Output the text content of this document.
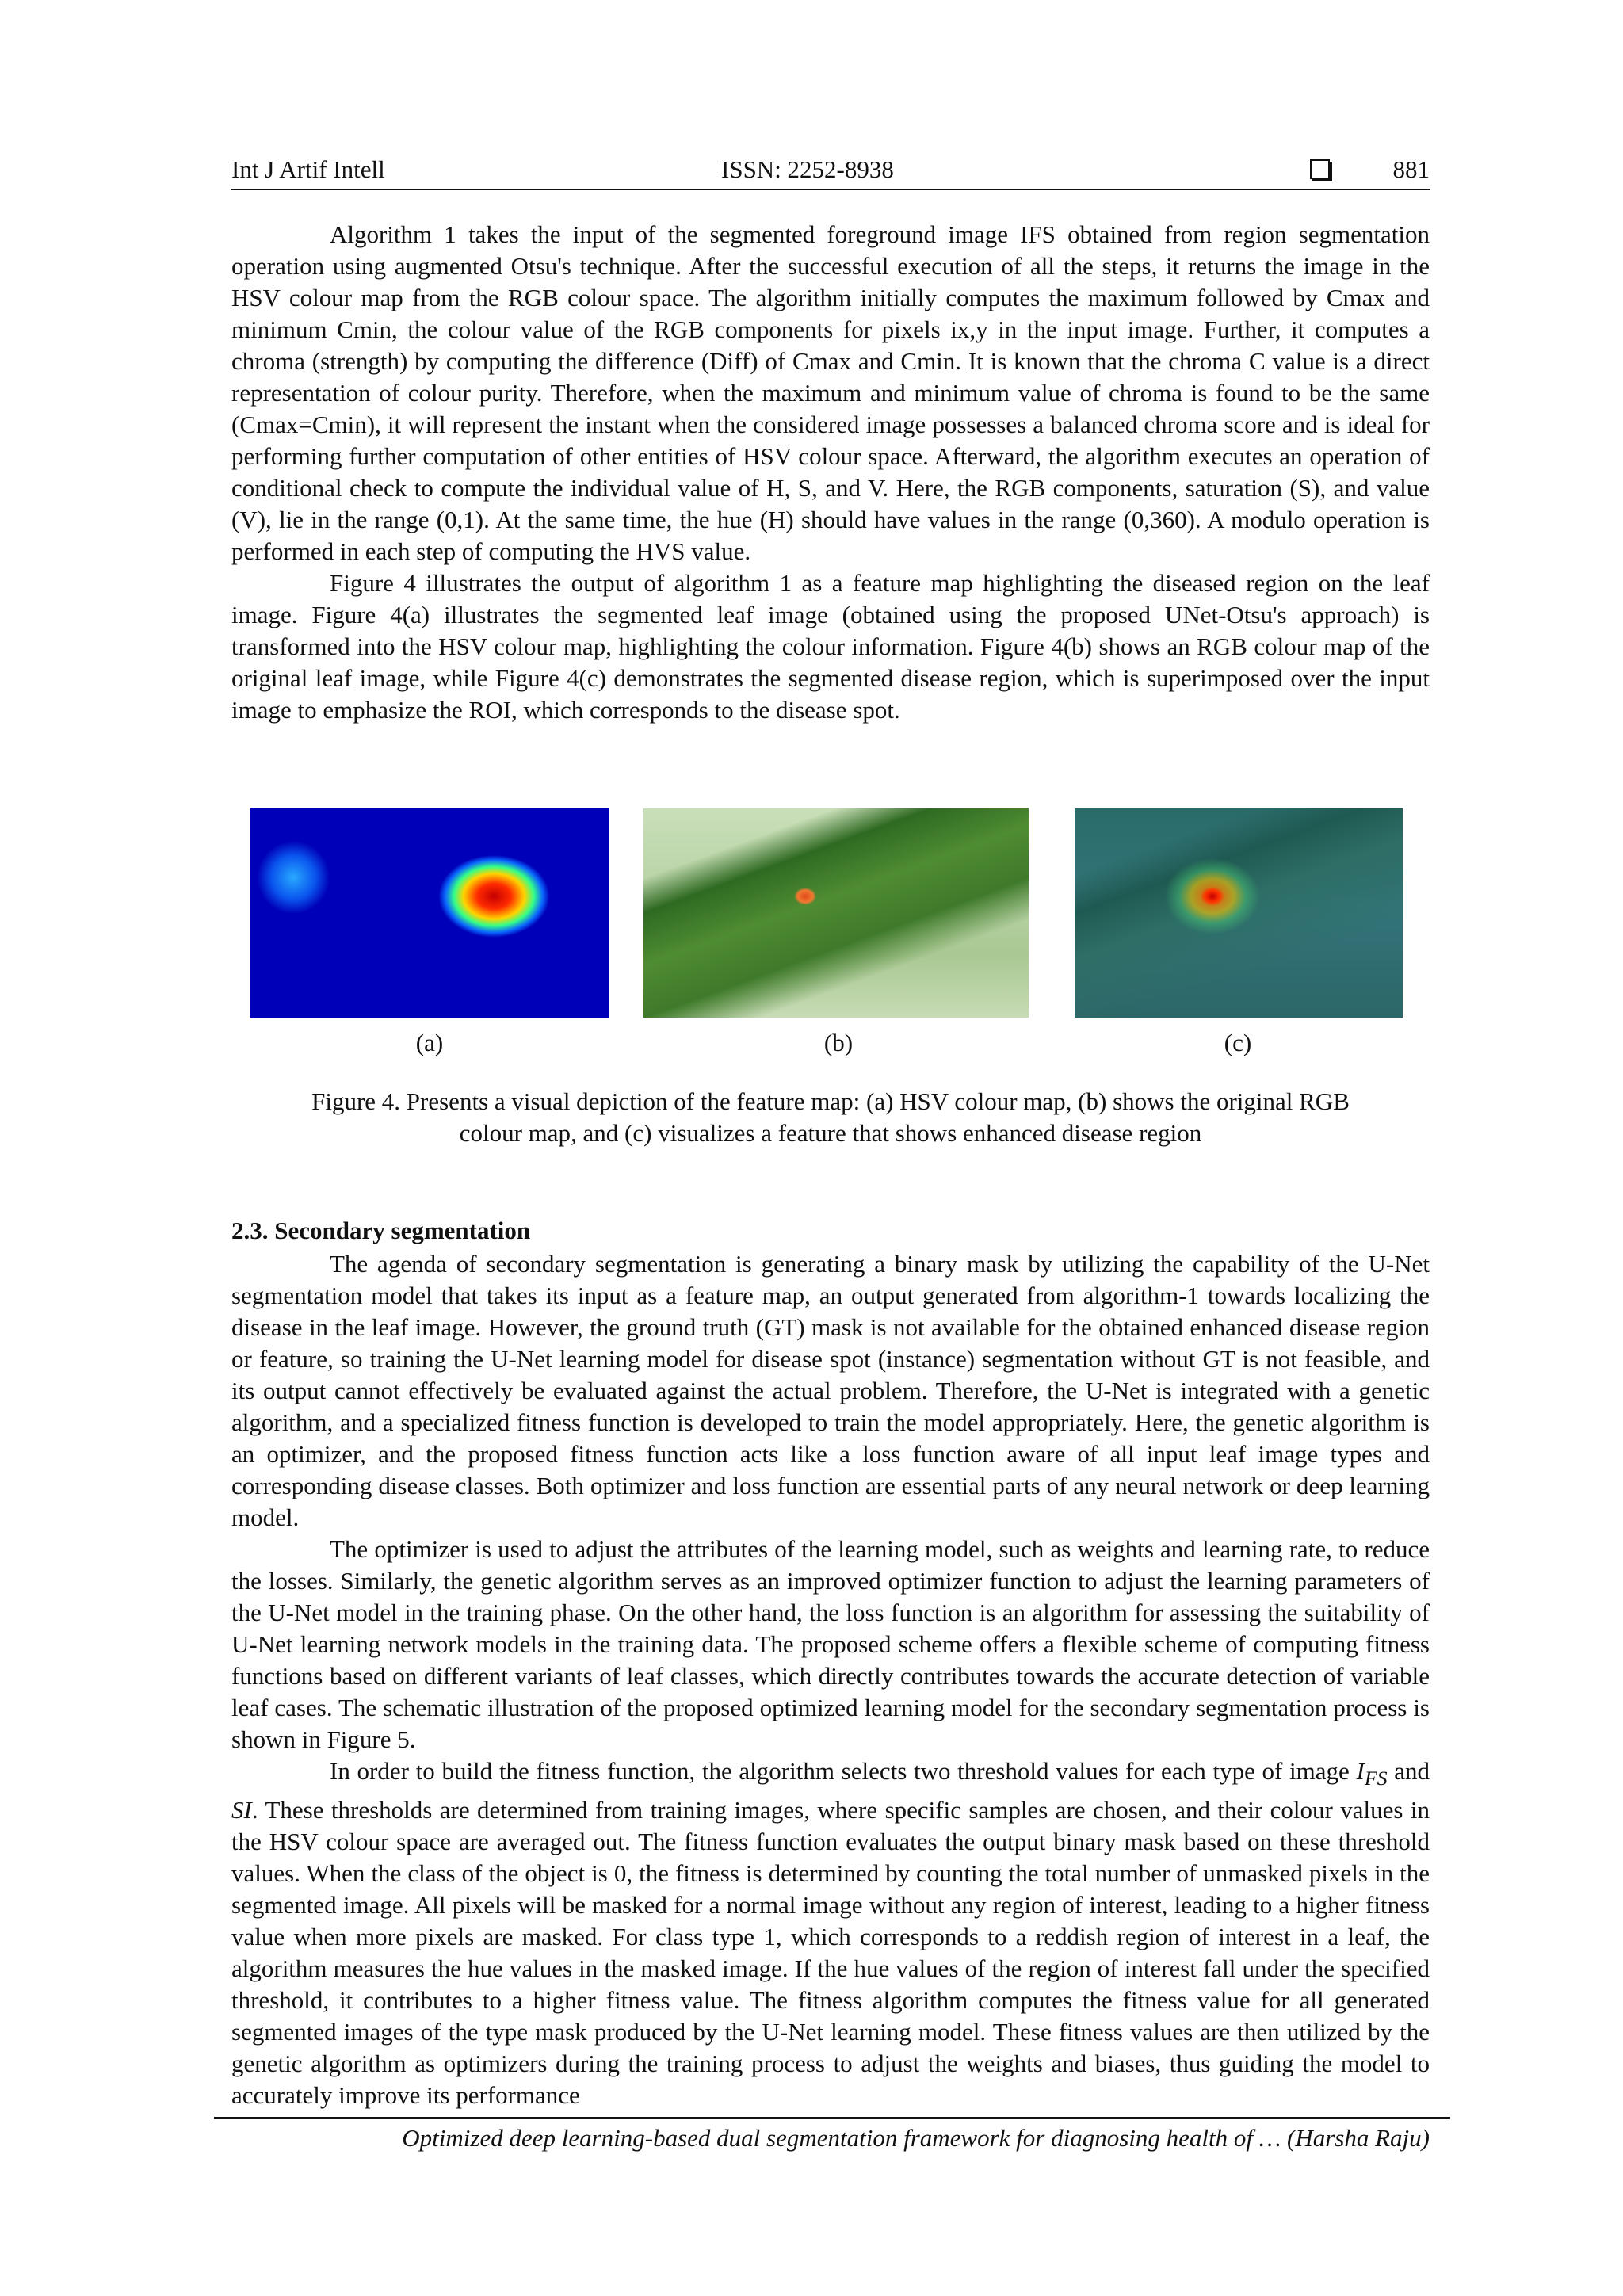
Int J Artif Intell	ISSN: 2252-8938	881

Algorithm 1 takes the input of the segmented foreground image IFS obtained from region segmentation operation using augmented Otsu's technique. After the successful execution of all the steps, it returns the image in the HSV colour map from the RGB colour space. The algorithm initially computes the maximum followed by Cmax and minimum Cmin, the colour value of the RGB components for pixels ix,y in the input image. Further, it computes a chroma (strength) by computing the difference (Diff) of Cmax and Cmin. It is known that the chroma C value is a direct representation of colour purity. Therefore, when the maximum and minimum value of chroma is found to be the same (Cmax=Cmin), it will represent the instant when the considered image possesses a balanced chroma score and is ideal for performing further computation of other entities of HSV colour space. Afterward, the algorithm executes an operation of conditional check to compute the individual value of H, S, and V. Here, the RGB components, saturation (S), and value (V), lie in the range (0,1). At the same time, the hue (H) should have values in the range (0,360). A modulo operation is performed in each step of computing the HVS value.

Figure 4 illustrates the output of algorithm 1 as a feature map highlighting the diseased region on the leaf image. Figure 4(a) illustrates the segmented leaf image (obtained using the proposed UNet-Otsu's approach) is transformed into the HSV colour map, highlighting the colour information. Figure 4(b) shows an RGB colour map of the original leaf image, while Figure 4(c) demonstrates the segmented disease region, which is superimposed over the input image to emphasize the ROI, which corresponds to the disease spot.

(a)	(b)	(c)
Figure 4. Presents a visual depiction of the feature map: (a) HSV colour map, (b) shows the original RGB
colour map, and (c) visualizes a feature that shows enhanced disease region
2.3. Secondary segmentation

The agenda of secondary segmentation is generating a binary mask by utilizing the capability of the U-Net segmentation model that takes its input as a feature map, an output generated from algorithm-1 towards localizing the disease in the leaf image. However, the ground truth (GT) mask is not available for the obtained enhanced disease region or feature, so training the U-Net learning model for disease spot (instance) segmentation without GT is not feasible, and its output cannot effectively be evaluated against the actual problem. Therefore, the U-Net is integrated with a genetic algorithm, and a specialized fitness function is developed to train the model appropriately. Here, the genetic algorithm is an optimizer, and the proposed fitness function acts like a loss function aware of all input leaf image types and corresponding disease classes. Both optimizer and loss function are essential parts of any neural network or deep learning model.

The optimizer is used to adjust the attributes of the learning model, such as weights and learning rate, to reduce the losses. Similarly, the genetic algorithm serves as an improved optimizer function to adjust the learning parameters of the U-Net model in the training phase. On the other hand, the loss function is an algorithm for assessing the suitability of U-Net learning network models in the training data. The proposed scheme offers a flexible scheme of computing fitness functions based on different variants of leaf classes, which directly contributes towards the accurate detection of variable leaf cases. The schematic illustration of the proposed optimized learning model for the secondary segmentation process is shown in Figure 5.

In order to build the fitness function, the algorithm selects two threshold values for each type of image $I_{FS}$ and SI. These thresholds are determined from training images, where specific samples are chosen, and their colour values in the HSV colour space are averaged out. The fitness function evaluates the output binary mask based on these threshold values. When the class of the object is 0, the fitness is determined by counting the total number of unmasked pixels in the segmented image. All pixels will be masked for a normal image without any region of interest, leading to a higher fitness value when more pixels are masked. For class type 1, which corresponds to a reddish region of interest in a leaf, the algorithm measures the hue values in the masked image. If the hue values of the region of interest fall under the specified threshold, it contributes to a higher fitness value. The fitness algorithm computes the fitness value for all generated segmented images of the type mask produced by the U-Net learning model. These fitness values are then utilized by the genetic algorithm as optimizers during the training process to adjust the weights and biases, thus guiding the model to accurately improve its performance

Optimized deep learning-based dual segmentation framework for diagnosing health of … (Harsha Raju)
